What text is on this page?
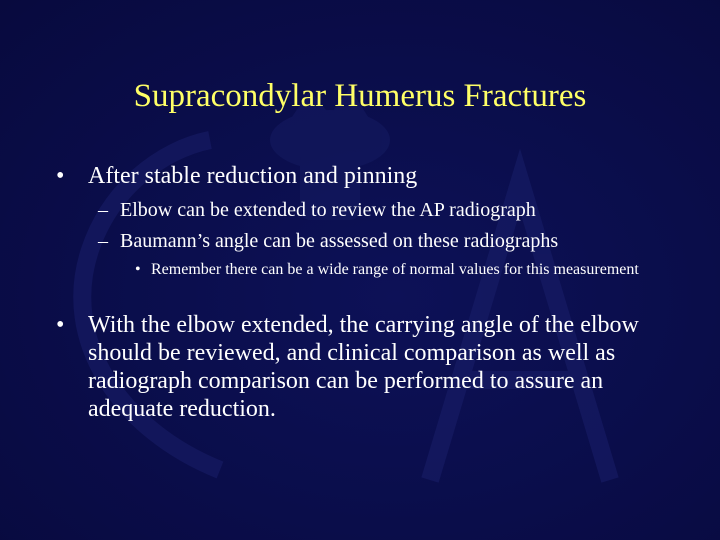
Supracondylar Humerus Fractures
• After stable reduction and pinning
– Elbow can be extended to review the AP radiograph
– Baumann’s angle can be assessed on these radiographs
• Remember there can be a wide range of normal values for this measurement
• With the elbow extended, the carrying angle of the elbow should be reviewed, and clinical comparison as well as radiograph comparison can be performed to assure an adequate reduction.
